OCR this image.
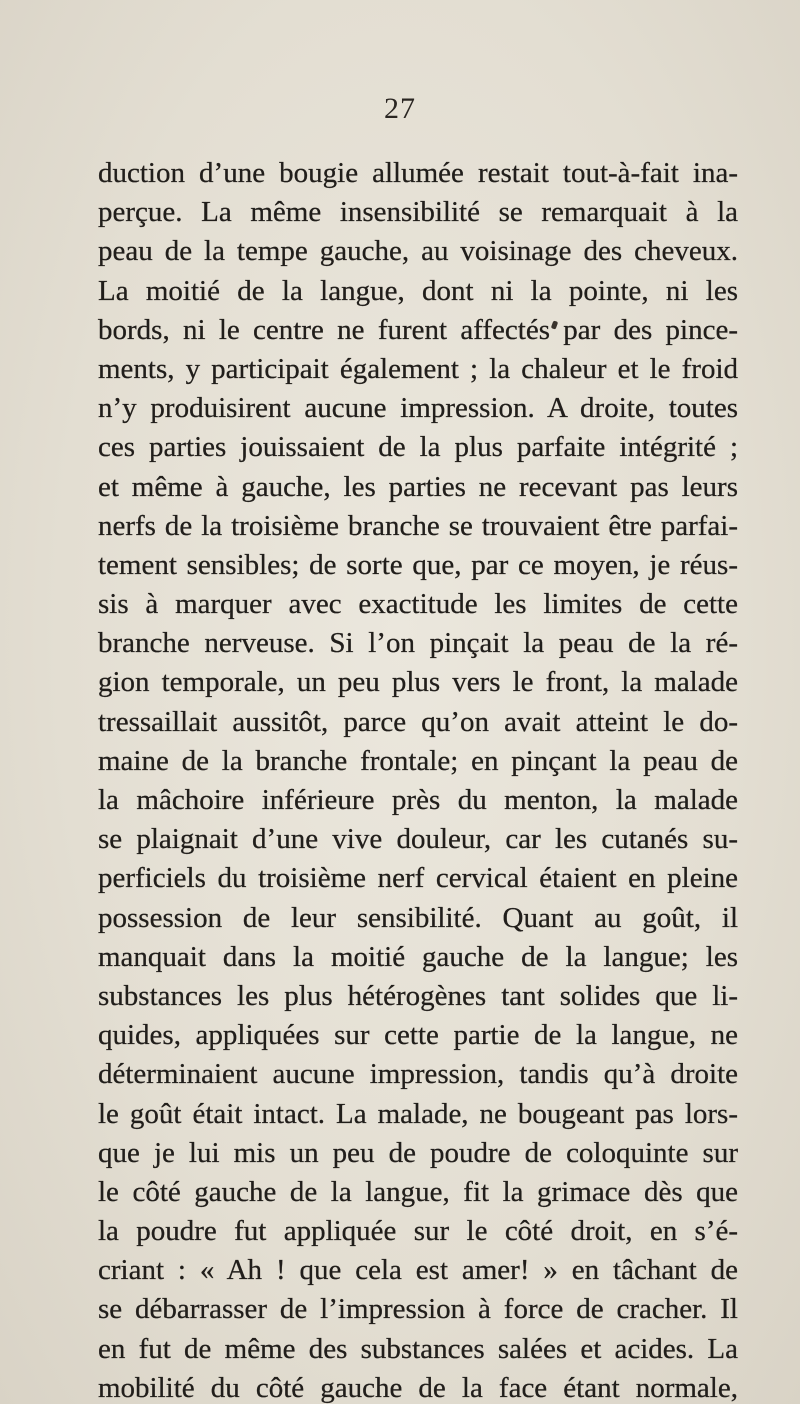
27
duction d’une bougie allumée restait tout-à-fait ina-
perçue. La même insensibilité se remarquait à la
peau de la tempe gauche, au voisinage des cheveux.
La moitié de la langue, dont ni la pointe, ni les
bords, ni le centre ne furent affectés par des pince-
ments, y participait également ; la chaleur et le froid
n’y produisirent aucune impression. A droite, toutes
ces parties jouissaient de la plus parfaite intégrité ;
et même à gauche, les parties ne recevant pas leurs
nerfs de la troisième branche se trouvaient être parfai-
tement sensibles; de sorte que, par ce moyen, je réus-
sis à marquer avec exactitude les limites de cette
branche nerveuse. Si l’on pinçait la peau de la ré-
gion temporale, un peu plus vers le front, la malade
tressaillait aussitôt, parce qu’on avait atteint le do-
maine de la branche frontale; en pinçant la peau de
la mâchoire inférieure près du menton, la malade
se plaignait d’une vive douleur, car les cutanés su-
perficiels du troisième nerf cervical étaient en pleine
possession de leur sensibilité. Quant au goût, il
manquait dans la moitié gauche de la langue; les
substances les plus hétérogènes tant solides que li-
quides, appliquées sur cette partie de la langue, ne
déterminaient aucune impression, tandis qu’à droite
le goût était intact. La malade, ne bougeant pas lors-
que je lui mis un peu de poudre de coloquinte sur
le côté gauche de la langue, fit la grimace dès que
la poudre fut appliquée sur le côté droit, en s’é-
criant : « Ah ! que cela est amer! » en tâchant de
se débarrasser de l’impression à force de cracher. Il
en fut de même des substances salées et acides. La
mobilité du côté gauche de la face étant normale,
